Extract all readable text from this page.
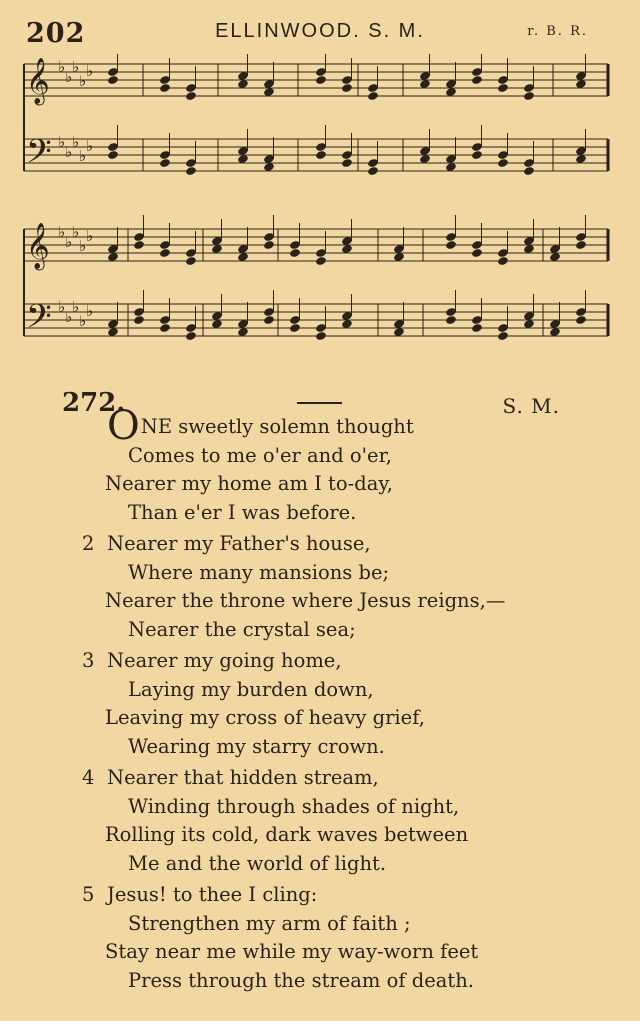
202	ELLINWOOD. S. M.	r. B. R.
𝄞 ♭
♭
♭
♭
♭
𝄢 ♭
♭
♭
♭
♭
𝄞 ♭
♭
♭
♭
♭
𝄢 ♭
♭
♭
♭
♭
272.	S. M.
ONE sweetly solemn thought
Comes to me o'er and o'er,
Nearer my home am I to-day,
Than e'er I was before.
2 Nearer my Father's house,
Where many mansions be;
Nearer the throne where Jesus reigns,—
Nearer the crystal sea;
3 Nearer my going home,
Laying my burden down,
Leaving my cross of heavy grief,
Wearing my starry crown.
4 Nearer that hidden stream,
Winding through shades of night,
Rolling its cold, dark waves between
Me and the world of light.
5 Jesus! to thee I cling:
Strengthen my arm of faith ;
Stay near me while my way-worn feet
Press through the stream of death.
